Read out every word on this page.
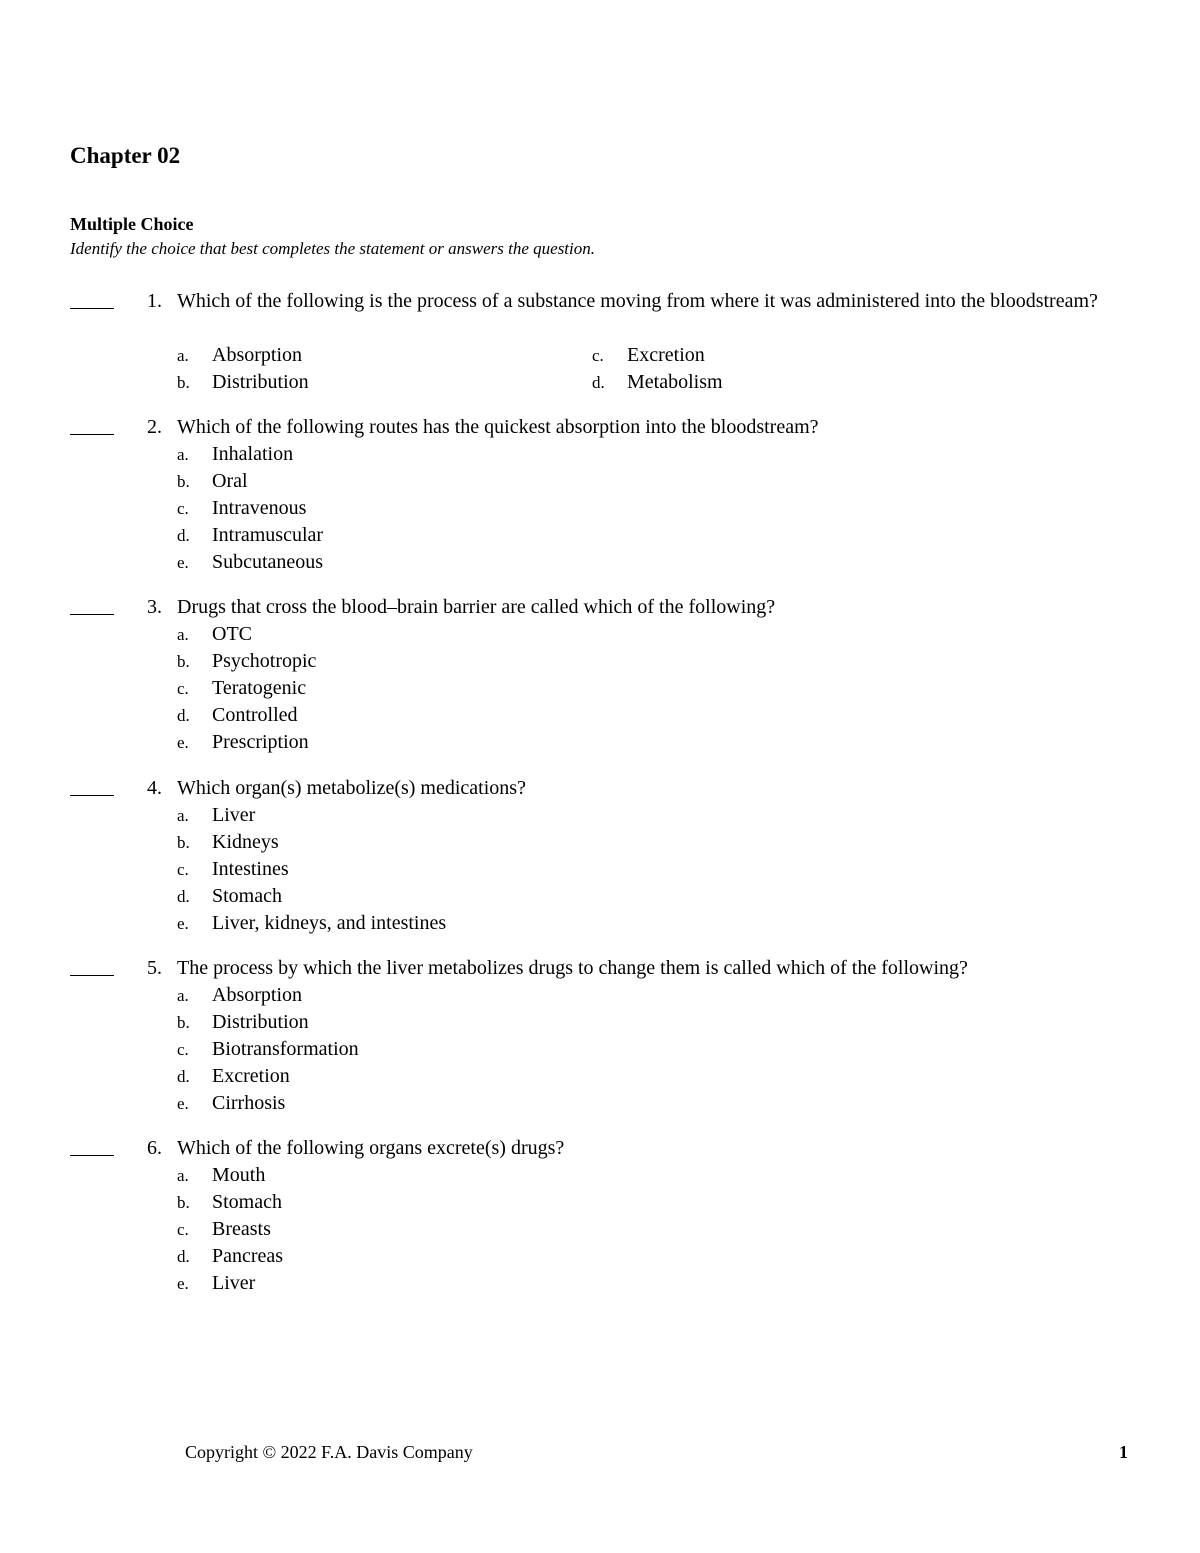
Chapter 02
Multiple Choice
Identify the choice that best completes the statement or answers the question.
1. Which of the following is the process of a substance moving from where it was administered into the bloodstream?
a. Absorption
b. Distribution
c. Excretion
d. Metabolism
2. Which of the following routes has the quickest absorption into the bloodstream?
a. Inhalation
b. Oral
c. Intravenous
d. Intramuscular
e. Subcutaneous
3. Drugs that cross the blood–brain barrier are called which of the following?
a. OTC
b. Psychotropic
c. Teratogenic
d. Controlled
e. Prescription
4. Which organ(s) metabolize(s) medications?
a. Liver
b. Kidneys
c. Intestines
d. Stomach
e. Liver, kidneys, and intestines
5. The process by which the liver metabolizes drugs to change them is called which of the following?
a. Absorption
b. Distribution
c. Biotransformation
d. Excretion
e. Cirrhosis
6. Which of the following organs excrete(s) drugs?
a. Mouth
b. Stomach
c. Breasts
d. Pancreas
e. Liver
Copyright © 2022 F.A. Davis Company	1
